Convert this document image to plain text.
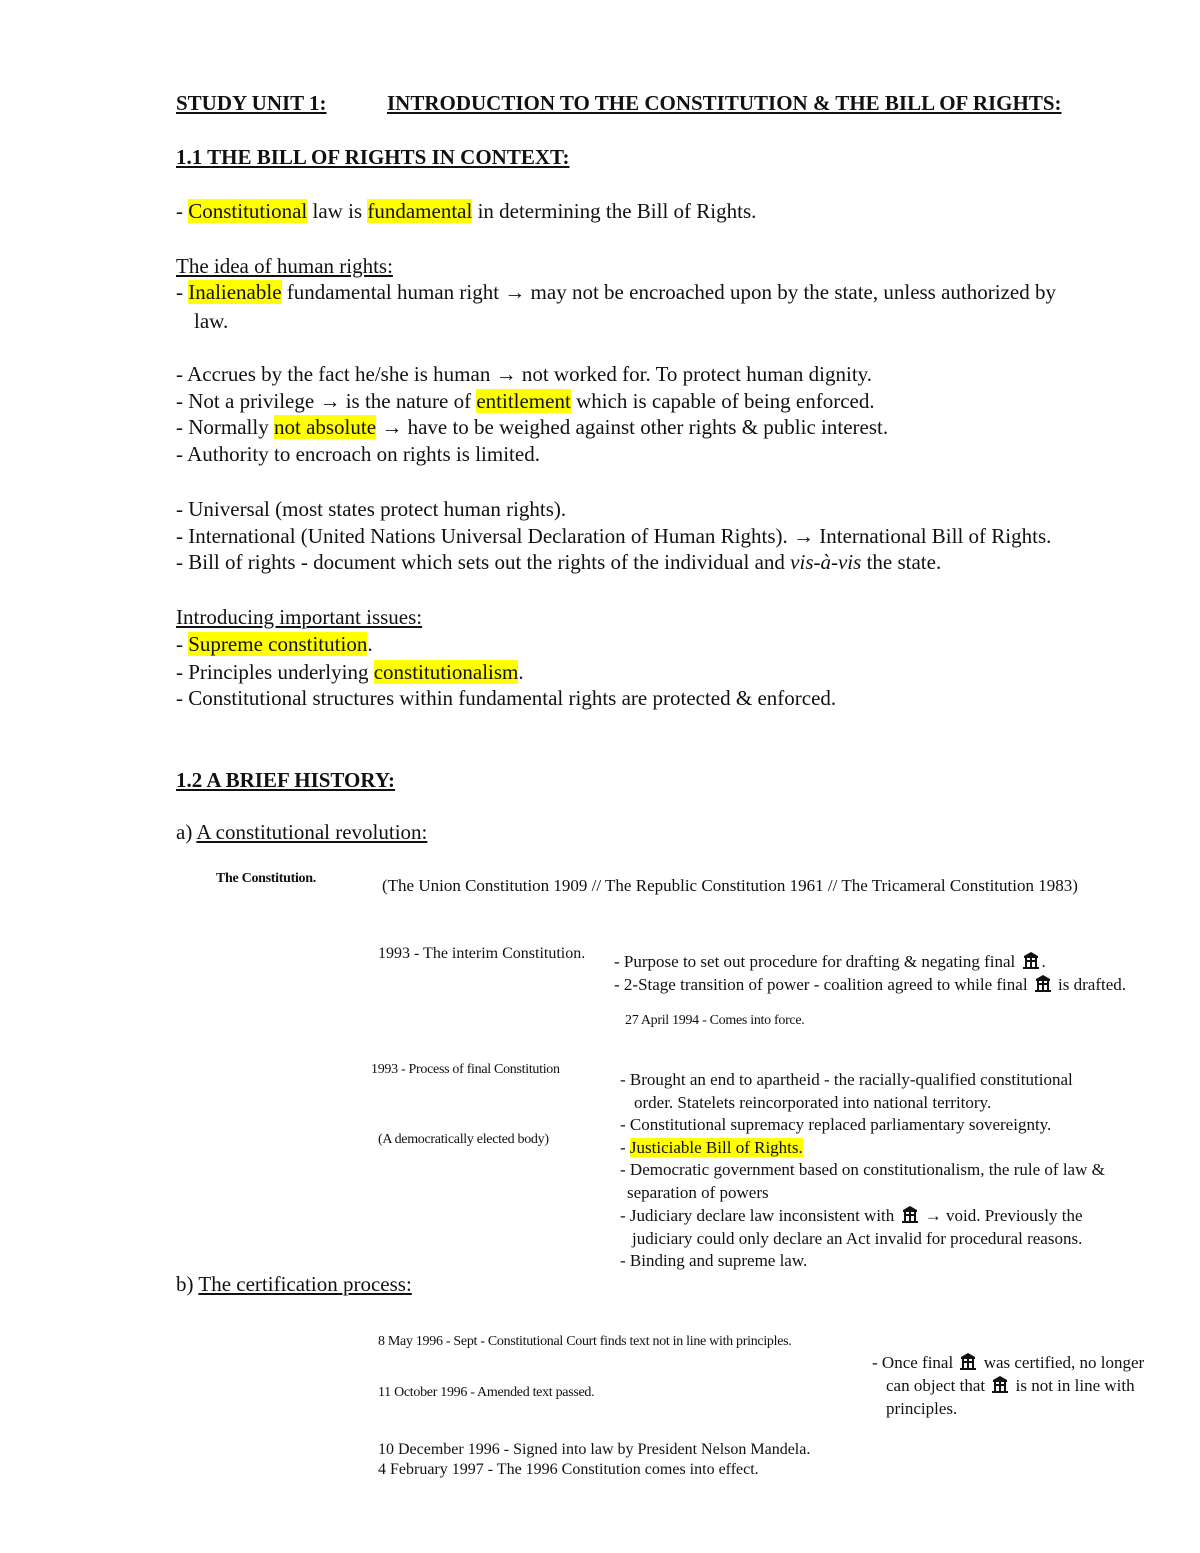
STUDY UNIT 1:	INTRODUCTION TO THE CONSTITUTION & THE BILL OF RIGHTS:
1.1 THE BILL OF RIGHTS IN CONTEXT:
- Constitutional law is fundamental in determining the Bill of Rights.
The idea of human rights:
- Inalienable fundamental human right → may not be encroached upon by the state, unless authorized by
law.
- Accrues by the fact he/she is human → not worked for. To protect human dignity.
- Not a privilege → is the nature of entitlement which is capable of being enforced.
- Normally not absolute → have to be weighed against other rights & public interest.
- Authority to encroach on rights is limited.
- Universal (most states protect human rights).
- International (United Nations Universal Declaration of Human Rights). → International Bill of Rights.
- Bill of rights - document which sets out the rights of the individual and vis-à-vis the state.
Introducing important issues:
- Supreme constitution.
- Principles underlying constitutionalism.
- Constitutional structures within fundamental rights are protected & enforced.
1.2 A BRIEF HISTORY:
a) A constitutional revolution:
The Constitution.	(The Union Constitution 1909 // The Republic Constitution 1961 // The Tricameral Constitution 1983)
1993 - The interim Constitution. - Purpose to set out procedure for drafting & negating final .
- 2-Stage transition of power - coalition agreed to while final  is drafted.
27 April 1994 - Comes into force.
1993 - Process of final Constitution
(A democratically elected body)
- Brought an end to apartheid - the racially-qualified constitutional
order. Statelets reincorporated into national territory.
- Constitutional supremacy replaced parliamentary sovereignty.
- Justiciable Bill of Rights.
- Democratic government based on constitutionalism, the rule of law &
separation of powers
- Judiciary declare law inconsistent with  → void. Previously the
judiciary could only declare an Act invalid for procedural reasons.
- Binding and supreme law.
b) The certification process:
8 May 1996 - Sept - Constitutional Court finds text not in line with principles.
11 October 1996 - Amended text passed.
10 December 1996 - Signed into law by President Nelson Mandela.
4 February 1997 - The 1996 Constitution comes into effect.
- Once final  was certified, no longer
can object that  is not in line with
principles.
